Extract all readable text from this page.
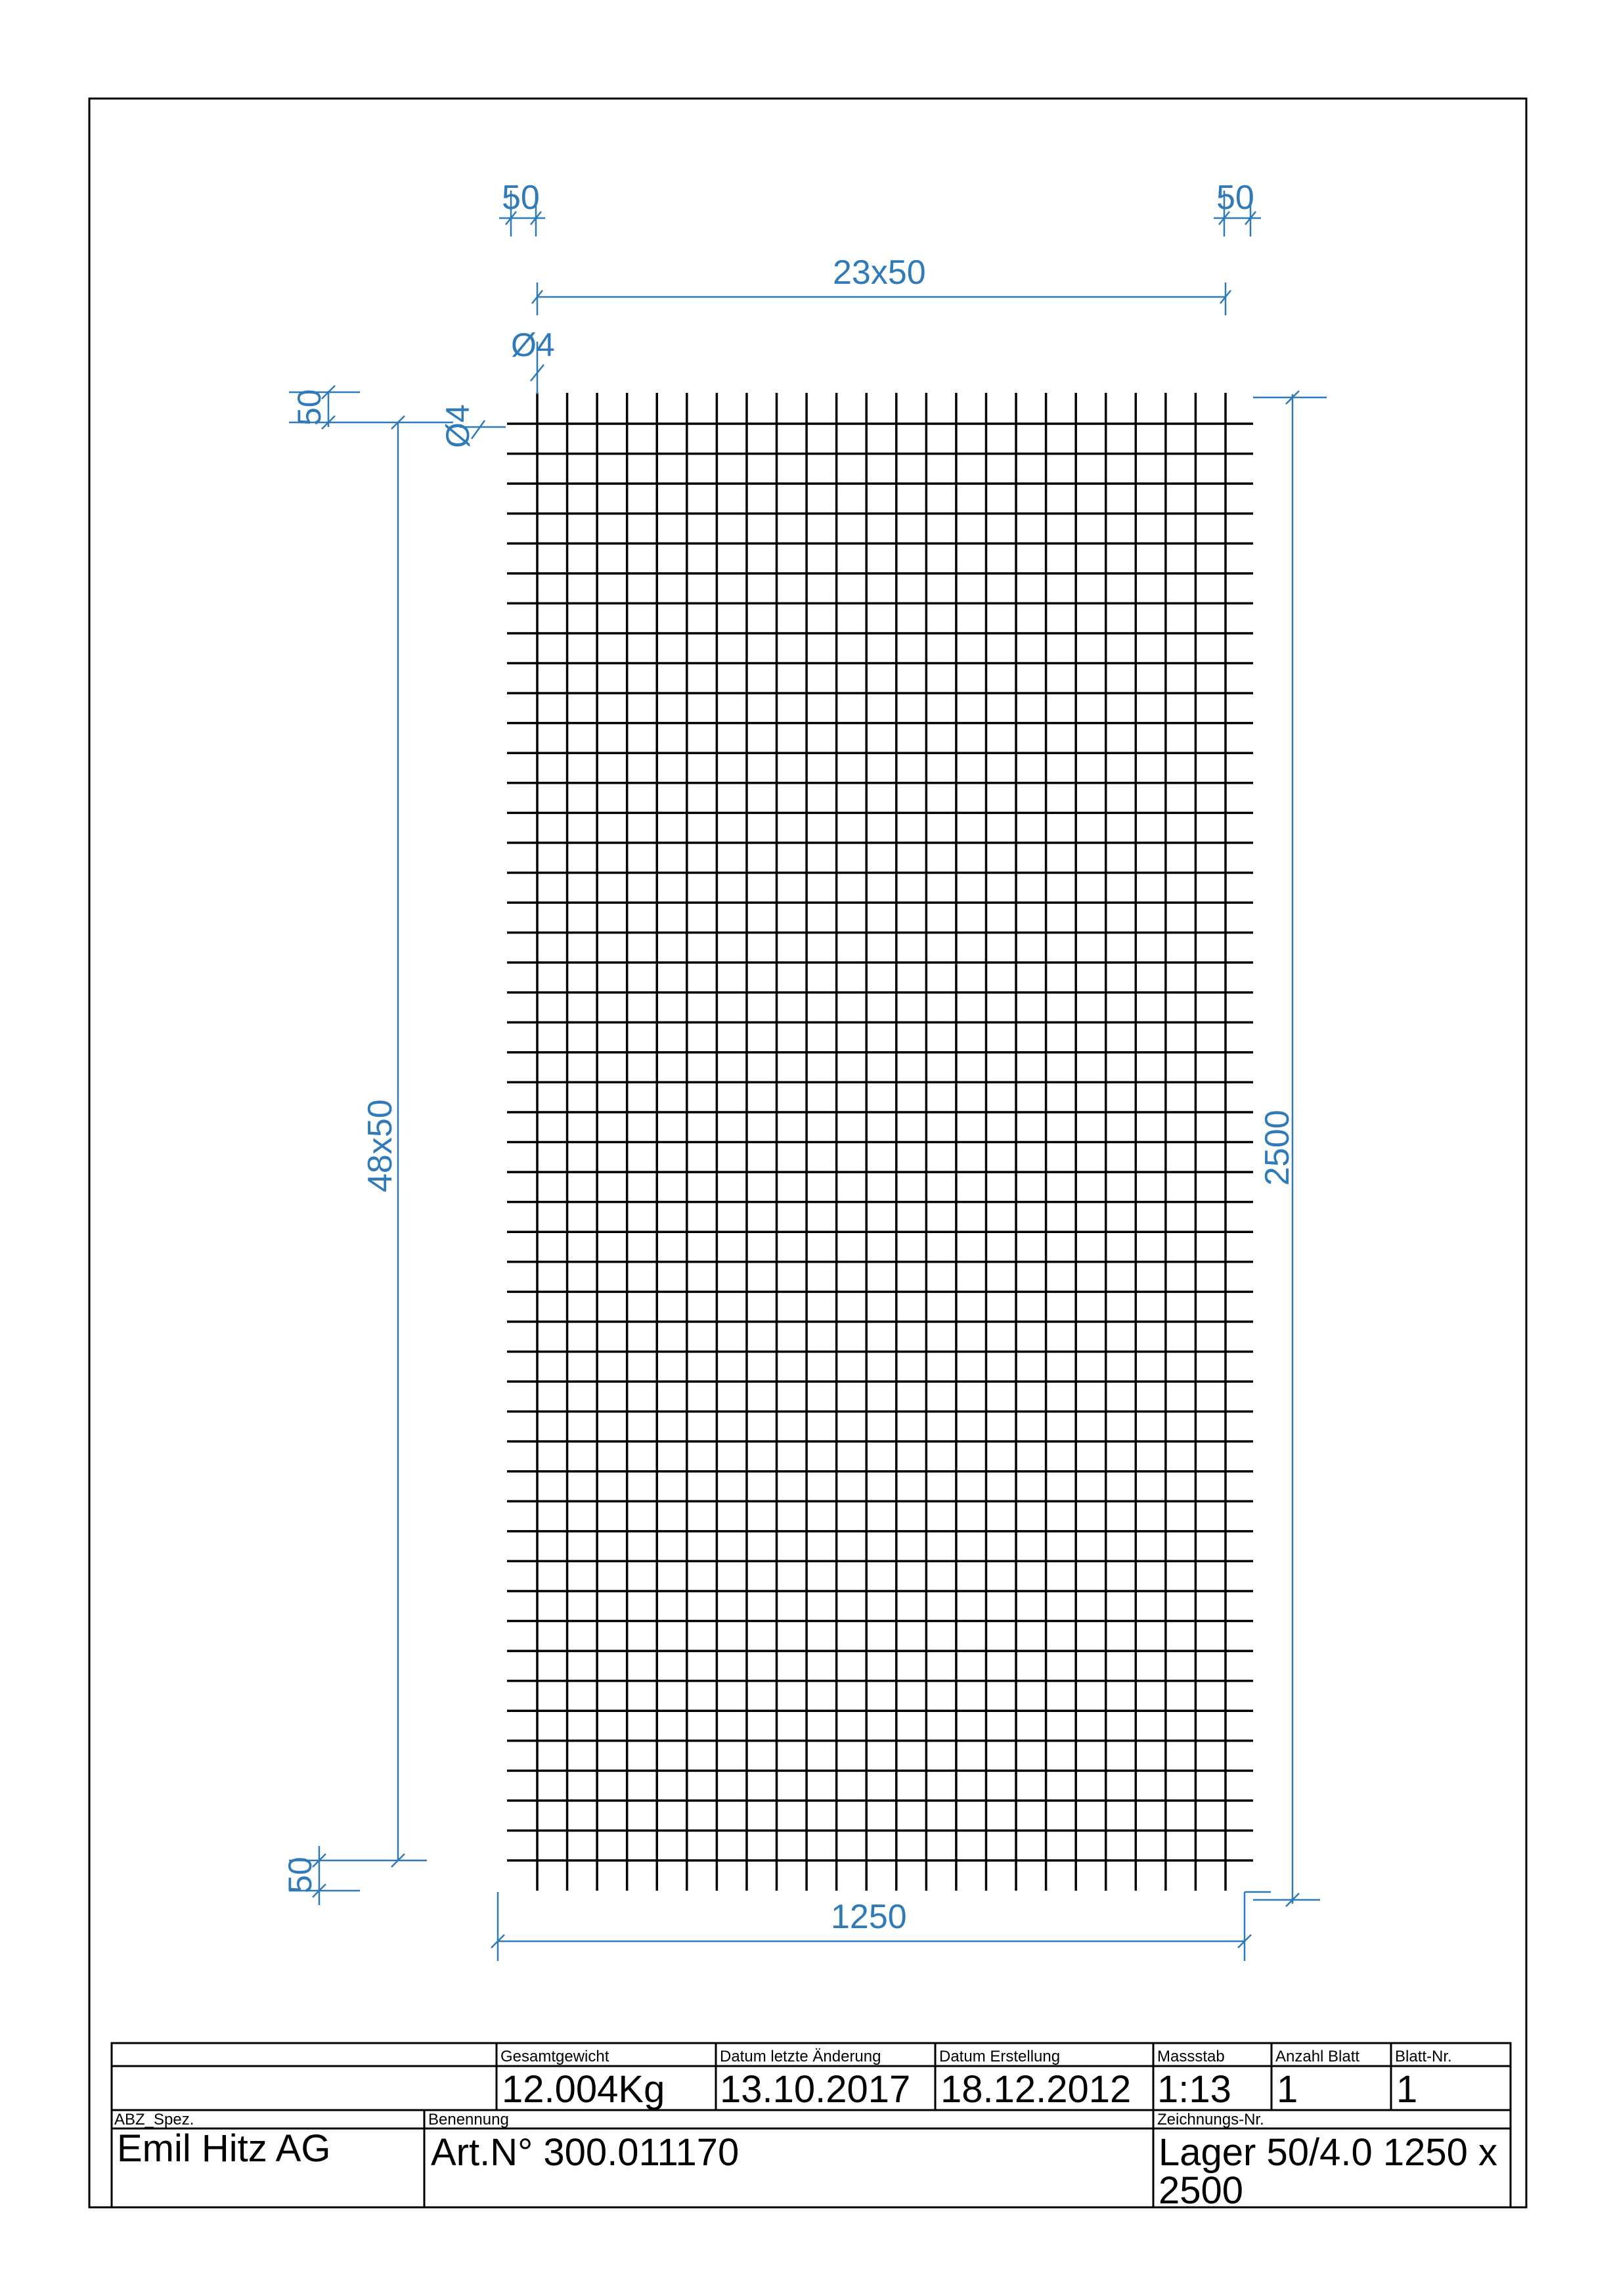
50	50
23x50
Ø4
50	Ø4
48x50
50
2500
1250
Gesamtgewicht
12.004Kg
Datum letzte Änderung
13.10.2017
Datum Erstellung
18.12.2012
Massstab
1:13
Anzahl Blatt
1
Blatt-Nr.
1
ABZ_Spez.
Emil Hitz AG
Benennung
Art.N° 300.011170
Zeichnungs-Nr.
Lager 50/4.0 1250 x
2500
